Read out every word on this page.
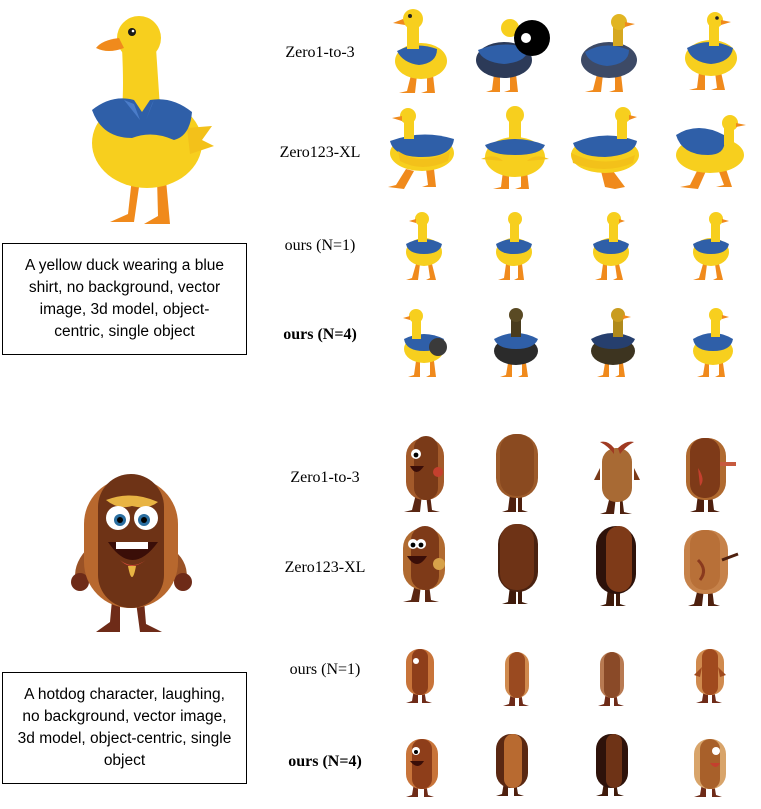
A yellow duck wearing a blue shirt, no background, vector image, 3d model, object-centric, single object
Zero1-to-3
Zero123-XL
ours (N=1)
ours (N=4)
A hotdog character, laughing, no background, vector image, 3d model, object-centric, single object
Zero1-to-3
Zero123-XL
ours (N=1)
ours (N=4)
